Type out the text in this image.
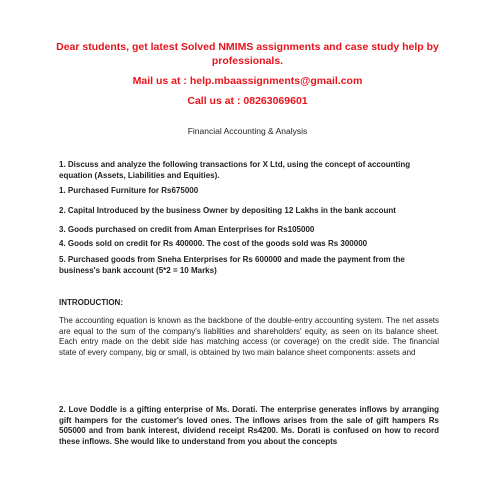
Dear students, get latest Solved NMIMS assignments and case study help by
professionals.
Mail us at : help.mbaassignments@gmail.com
Call us at : 08263069601
Financial Accounting & Analysis
1. Discuss and analyze the following transactions for X Ltd, using the concept of accounting equation (Assets, Liabilities and Equities).
1. Purchased Furniture for Rs675000
2. Capital Introduced by the business Owner by depositing 12 Lakhs in the bank account
3. Goods purchased on credit from Aman Enterprises for Rs105000
4. Goods sold on credit for Rs 400000. The cost of the goods sold was Rs 300000
5. Purchased goods from Sneha Enterprises for Rs 600000 and made the payment from the business's bank account (5*2 = 10 Marks)
INTRODUCTION:
The accounting equation is known as the backbone of the double-entry accounting system. The net assets are equal to the sum of the company's liabilities and shareholders' equity, as seen on its balance sheet. Each entry made on the debit side has matching access (or coverage) on the credit side. The financial state of every company, big or small, is obtained by two main balance sheet components: assets and
2. Love Doddle is a gifting enterprise of Ms. Dorati. The enterprise generates inflows by arranging gift hampers for the customer's loved ones. The inflows arises from the sale of gift hampers Rs 505000 and from bank interest, dividend receipt Rs4200. Ms. Dorati is confused on how to record these inflows. She would like to understand from you about the concepts
